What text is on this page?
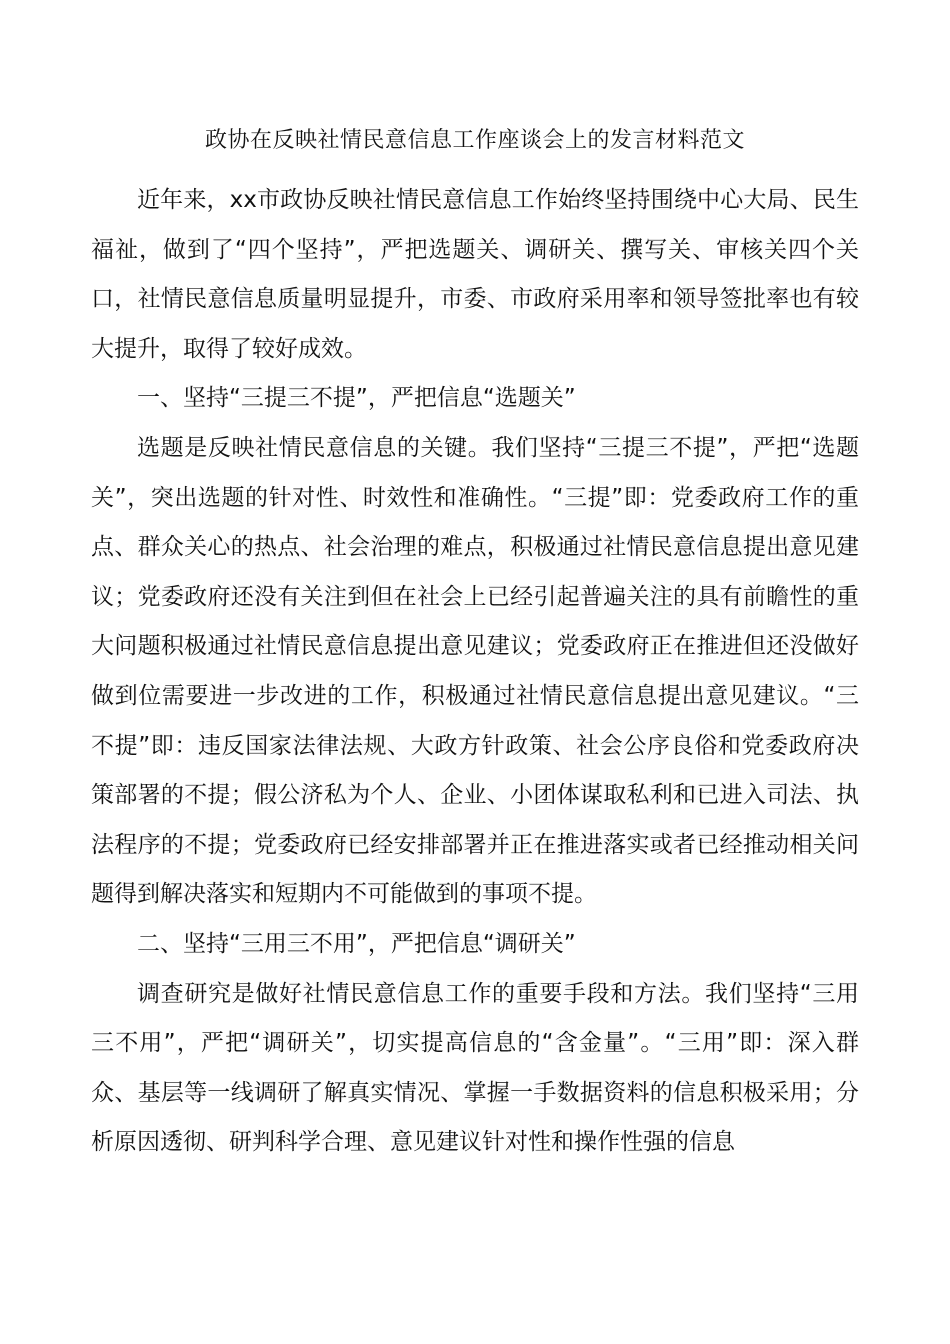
政协在反映社情民意信息工作座谈会上的发言材料范文

近年来，xx市政协反映社情民意信息工作始终坚持围绕中心大局、民生福祉，做到了“四个坚持”，严把选题关、调研关、撰写关、审核关四个关口，社情民意信息质量明显提升，市委、市政府采用率和领导签批率也有较大提升，取得了较好成效。

一、坚持“三提三不提”，严把信息“选题关”

选题是反映社情民意信息的关键。我们坚持“三提三不提”，严把“选题关”，突出选题的针对性、时效性和准确性。“三提”即：党委政府工作的重点、群众关心的热点、社会治理的难点，积极通过社情民意信息提出意见建议；党委政府还没有关注到但在社会上已经引起普遍关注的具有前瞻性的重大问题积极通过社情民意信息提出意见建议；党委政府正在推进但还没做好做到位需要进一步改进的工作，积极通过社情民意信息提出意见建议。“三不提”即：违反国家法律法规、大政方针政策、社会公序良俗和党委政府决策部署的不提；假公济私为个人、企业、小团体谋取私利和已进入司法、执法程序的不提；党委政府已经安排部署并正在推进落实或者已经推动相关问题得到解决落实和短期内不可能做到的事项不提。

二、坚持“三用三不用”，严把信息“调研关”

调查研究是做好社情民意信息工作的重要手段和方法。我们坚持“三用三不用”，严把“调研关”，切实提高信息的“含金量”。“三用”即：深入群众、基层等一线调研了解真实情况、掌握一手数据资料的信息积极采用；分析原因透彻、研判科学合理、意见建议针对性和操作性强的信息
